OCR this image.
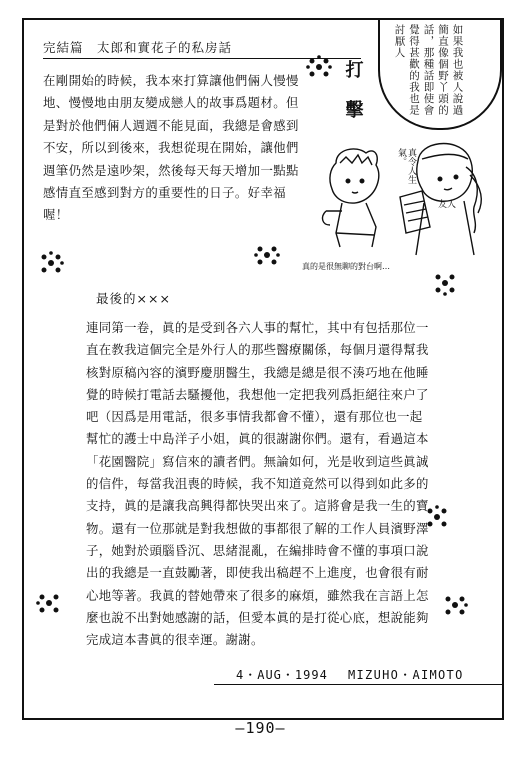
完結篇　太郎和實花子的私房話
在剛開始的時候，我本來打算讓他們倆人慢慢地、慢慢地由朋友變成戀人的故事爲題材。但是對於他們倆人週週不能見面，我總是會感到不安，所以到後來，我想從現在開始，讓他們週筆仍然是遠吵架，然後每天每天增加一點點感情直至感到對方的重要性的日子。好幸福喔！
如果我也被人說過簡直像個野丫頭的話，那種話即使會覺得甚歡的我也是討厭人
打擊
真令人生氣。
友人
真的是很無聊的對台啊…
最後的×××
連同第一卷，眞的是受到各六人事的幫忙，其中有包括那位一直在教我這個完全是外行人的那些醫療關係，每個月還得幫我核對原稿內容的濱野慶朋醫生，我總是總是很不湊巧地在他睡覺的時候打電話去騷擾他，我想他一定把我列爲拒絕往來户了吧（因爲是用電話，很多事情我都會不懂），還有那位也一起幫忙的護士中島洋子小姐，眞的很謝謝你們。還有，看過這本「花園醫院」寫信來的讀者們。無論如何，光是收到這些眞誠的信件，每當我沮喪的時候，我不知道竟然可以得到如此多的支持，眞的是讓我高興得都快哭出來了。這將會是我一生的寶物。還有一位那就是對我想做的事都很了解的工作人員濱野澤子，她對於頭腦昏沉、思緒混亂，在編排時會不懂的事項口說出的我總是一直鼓勵著，即使我出稿趕不上進度，也會很有耐心地等著。我眞的替她帶來了很多的麻煩，雖然我在言語上怎麼也說不出對她感謝的話，但愛本眞的是打從心底，想說能夠完成這本書眞的很幸運。謝謝。
4・AUG・1994 MIZUHO・AIMOTO
—190—
